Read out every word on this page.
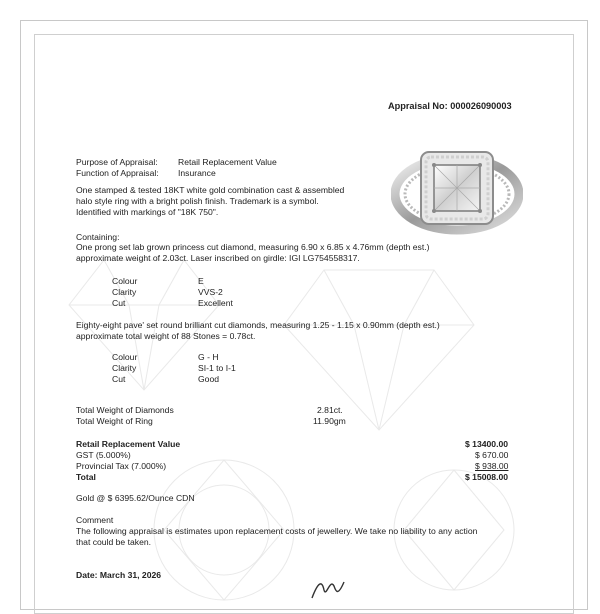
Appraisal No: 000026090003
Purpose of Appraisal: Retail Replacement Value
Function of Appraisal: Insurance
One stamped & tested 18KT white gold combination cast & assembled
halo style ring with a bright polish finish. Trademark is a symbol.
Identified with markings of "18K 750".
Containing:
One prong set lab grown princess cut diamond, measuring 6.90 x 6.85 x 4.76mm (depth est.)
approximate weight of 2.03ct. Laser inscribed on girdle: IGI LG754558317.
Colour	E
Clarity	VVS-2
Cut	Excellent
Eighty-eight pave' set round brilliant cut diamonds, measuring 1.25 - 1.15 x 0.90mm (depth est.)
approximate total weight of 88 Stones = 0.78ct.
Colour	G - H
Clarity	SI-1 to I-1
Cut	Good
Total Weight of Diamonds	2.81ct.
Total Weight of Ring	11.90gm
Retail Replacement Value	$ 13400.00
GST (5.000%)	$ 670.00
Provincial Tax (7.000%)	$ 938.00
Total	$ 15008.00
Gold @ $ 6395.62/Ounce CDN
Comment
The following appraisal is estimates upon replacement costs of jewellery. We take no liability to any action
that could be taken.
Date: March 31, 2026
